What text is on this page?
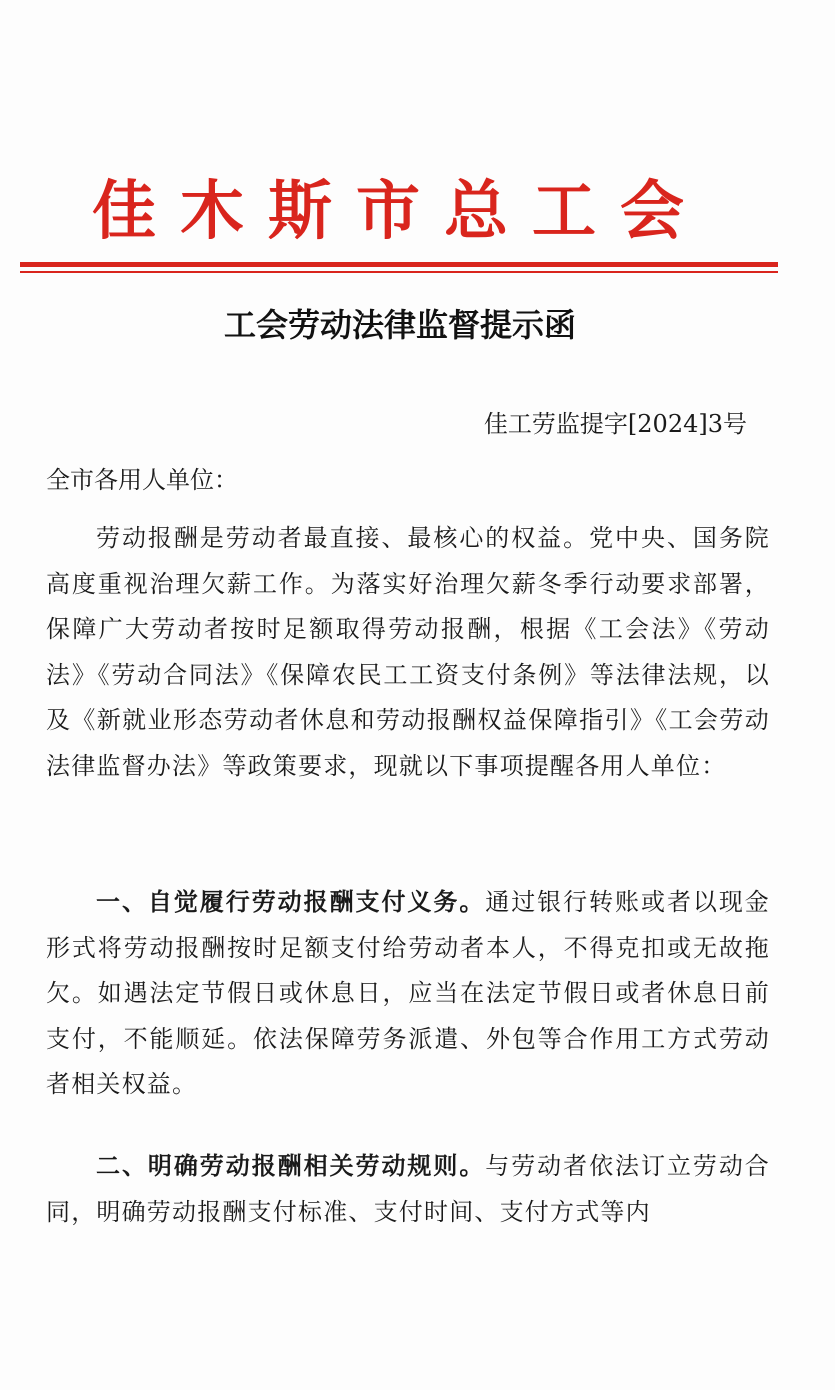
佳木斯市总工会
工会劳动法律监督提示函
佳工劳监提字[2024]3号
全市各用人单位：
劳动报酬是劳动者最直接、最核心的权益。党中央、国务院高度重视治理欠薪工作。为落实好治理欠薪冬季行动要求部署，保障广大劳动者按时足额取得劳动报酬，根据《工会法》《劳动法》《劳动合同法》《保障农民工工资支付条例》等法律法规，以及《新就业形态劳动者休息和劳动报酬权益保障指引》《工会劳动法律监督办法》等政策要求，现就以下事项提醒各用人单位：
一、自觉履行劳动报酬支付义务。通过银行转账或者以现金形式将劳动报酬按时足额支付给劳动者本人，不得克扣或无故拖欠。如遇法定节假日或休息日，应当在法定节假日或者休息日前支付，不能顺延。依法保障劳务派遣、外包等合作用工方式劳动者相关权益。
二、明确劳动报酬相关劳动规则。与劳动者依法订立劳动合同，明确劳动报酬支付标准、支付时间、支付方式等内
